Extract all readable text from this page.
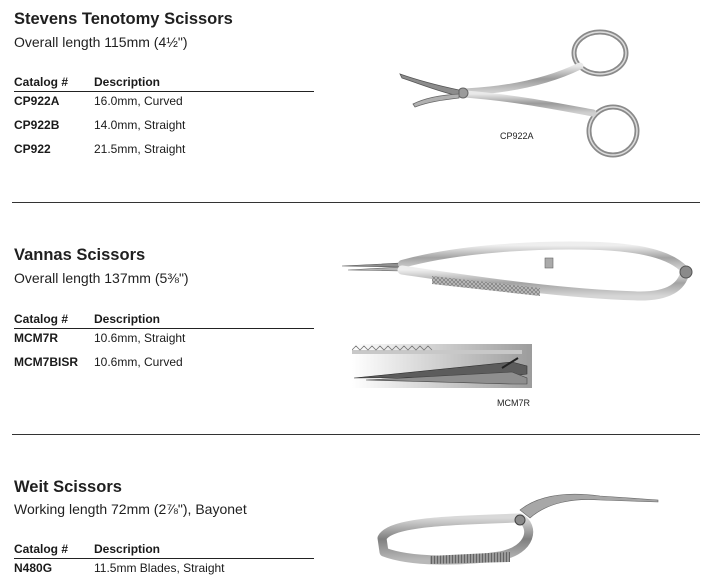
Stevens Tenotomy Scissors
Overall length 115mm (4½")
Catalog # Description
CP922A	16.0mm, Curved
CP922B	14.0mm, Straight
CP922	21.5mm, Straight
CP922A
Vannas Scissors
Overall length 137mm (5⅜")
Catalog # Description
MCM7R	10.6mm, Straight
MCM7BISR 10.6mm, Curved
MCM7R
Weit Scissors
Working length 72mm (2⅞"), Bayonet
Catalog # Description
N480G	11.5mm Blades, Straight
